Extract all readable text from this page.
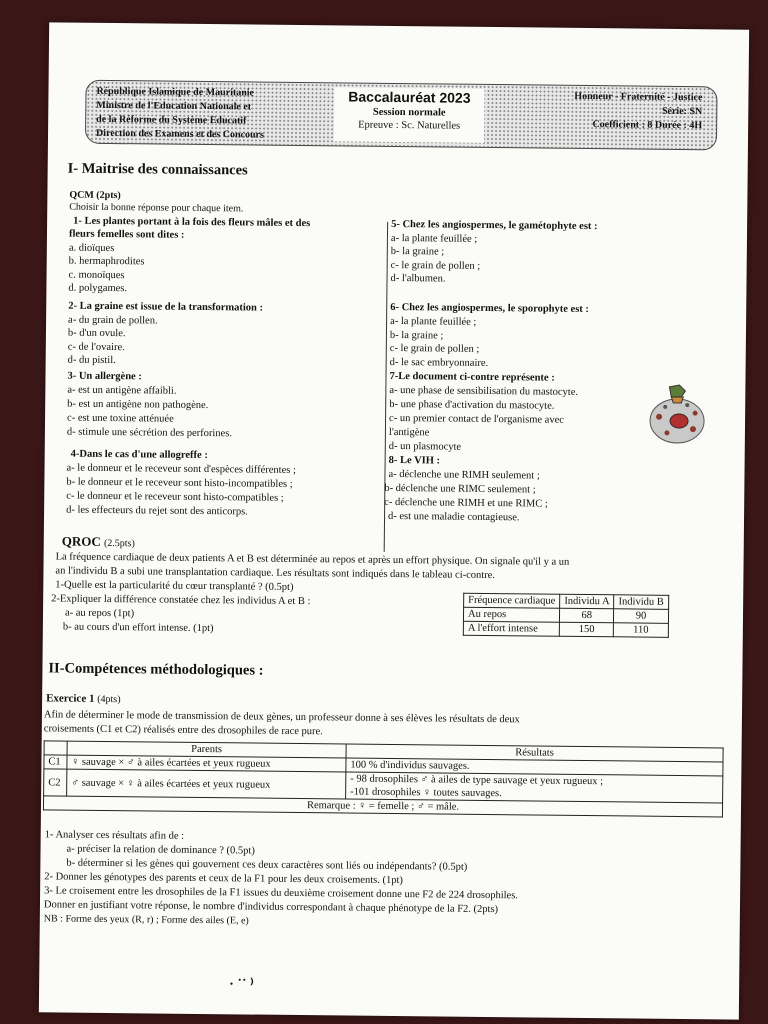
République Islamique de Mauritanie
Ministre de l'Education Nationale et
de la Réforme du Système Educatif
Direction des Examens et des Concours
Baccalauréat 2023
Session normale
Epreuve : Sc. Naturelles
Honneur - Fraternité - Justice
Série: SN
Coefficient : 8 Durée : 4H
I- Maitrise des connaissances
QCM (2pts)
Choisir la bonne réponse pour chaque item.
1- Les plantes portant à la fois des fleurs mâles et des
fleurs femelles sont dites :
a. dioïques
b. hermaphrodites
c. monoïques
d. polygames.
2- La graine est issue de la transformation :
a- du grain de pollen.
b- d'un ovule.
c- de l'ovaire.
d- du pistil.
3- Un allergène :
a- est un antigène affaibli.
b- est un antigène non pathogène.
c- est une toxine atténuée
d- stimule une sécrétion des perforines.
4-Dans le cas d'une allogreffe :
a- le donneur et le receveur sont d'espèces différentes ;
b- le donneur et le receveur sont histo-incompatibles ;
c- le donneur et le receveur sont histo-compatibles ;
d- les effecteurs du rejet sont des anticorps.
5- Chez les angiospermes, le gamétophyte est :
a- la plante feuillée ;
b- la graine ;
c- le grain de pollen ;
d- l'albumen.
6- Chez les angiospermes, le sporophyte est :
a- la plante feuillée ;
b- la graine ;
c- le grain de pollen ;
d- le sac embryonnaire.
7-Le document ci-contre représente :
a- une phase de sensibilisation du mastocyte.
b- une phase d'activation du mastocyte.
c- un premier contact de l'organisme avec
l'antigène
d- un plasmocyte
8- Le VIH :
a- déclenche une RIMH seulement ;
b- déclenche une RIMC seulement ;
c- déclenche une RIMH et une RIMC ;
d- est une maladie contagieuse.
QROC (2.5pts)
La fréquence cardiaque de deux patients A et B est déterminée au repos et après un effort physique. On signale qu'il y a un
an l'individu B a subi une transplantation cardiaque. Les résultats sont indiqués dans le tableau ci-contre.
1-Quelle est la particularité du cœur transplanté ? (0.5pt)
2-Expliquer la différence constatée chez les individus A et B :
a- au repos (1pt)
b- au cours d'un effort intense. (1pt)
Fréquence cardiaque	Individu A	Individu B
Au repos	68	90
A l'effort intense	150	110
II-Compétences méthodologiques :
Exercice 1 (4pts)
Afin de déterminer le mode de transmission de deux gènes, un professeur donne à ses élèves les résultats de deux
croisements (C1 et C2) réalisés entre des drosophiles de race pure.
	Parents	Résultats
C1	♀ sauvage × ♂ à ailes écartées et yeux rugueux	100 % d'individus sauvages.
C2	♂ sauvage × ♀ à ailes écartées et yeux rugueux	- 98 drosophiles ♂ à ailes de type sauvage et yeux rugueux ;
-101 drosophiles ♀ toutes sauvages.

Remarque : ♀ = femelle ; ♂ = mâle.		
1- Analyser ces résultats afin de :
a- préciser la relation de dominance ? (0.5pt)
b- déterminer si les gènes qui gouvernent ces deux caractères sont liés ou indépendants? (0.5pt)
2- Donner les génotypes des parents et ceux de la F1 pour les deux croisements. (1pt)
3- Le croisement entre les drosophiles de la F1 issues du deuxième croisement donne une F2 de 224 drosophiles.
Donner en justifiant votre réponse, le nombre d'individus correspondant à chaque phénotype de la F2. (2pts)
NB : Forme des yeux (R, r) ; Forme des ailes (E, e)
· ˙˙ ⁾
